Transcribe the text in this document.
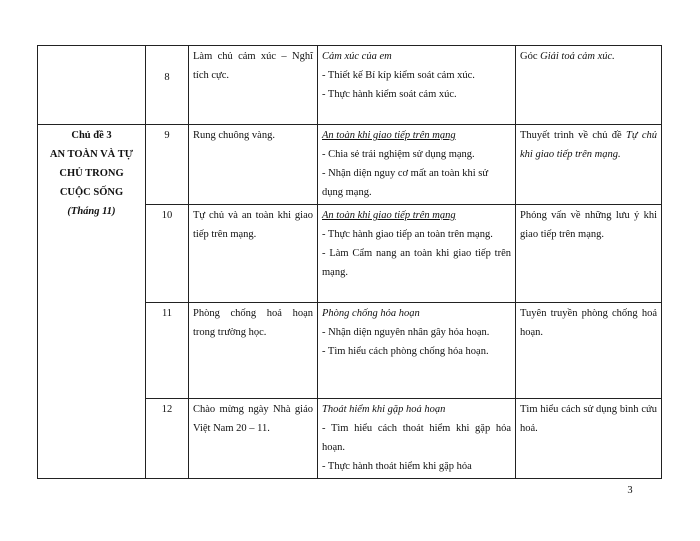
	8	Làm chủ cảm xúc – Nghĩ tích cực.	Cảm xúc của em
- Thiết kế Bí kíp kiểm soát cảm xúc.
- Thực hành kiểm soát cảm xúc.	Góc Giải toả cảm xúc.

Chủ đề 3
AN TOÀN VÀ TỰ
CHỦ TRONG
CUỘC SỐNG
(Tháng 11)	9	Rung chuông vàng.	An toàn khi giao tiếp trên mạng
- Chia sẻ trải nghiệm sử dụng mạng.
- Nhận diện nguy cơ mất an toàn khi sử dụng mạng.	Thuyết trình về chủ đề Tự chủ khi giao tiếp trên mạng.
	10	Tự chủ và an toàn khi giao tiếp trên mạng.	An toàn khi giao tiếp trên mạng
- Thực hành giao tiếp an toàn trên mạng.
- Làm Cẩm nang an toàn khi giao tiếp trên mạng.	Phỏng vấn về những lưu ý khi giao tiếp trên mạng.
	11	Phòng chống hoả hoạn trong trường học.	Phòng chống hỏa hoạn
- Nhận diện nguyên nhân gây hỏa hoạn.
- Tìm hiểu cách phòng chống hỏa hoạn.	Tuyên truyền phòng chống hoả hoạn.
	12	Chào mừng ngày Nhà giáo Việt Nam 20 – 11.	Thoát hiểm khi gặp hoả hoạn
- Tìm hiểu cách thoát hiểm khi gặp hỏa hoạn.
- Thực hành thoát hiểm khi gặp hỏa	Tìm hiểu cách sử dụng bình cứu hoả.
3
